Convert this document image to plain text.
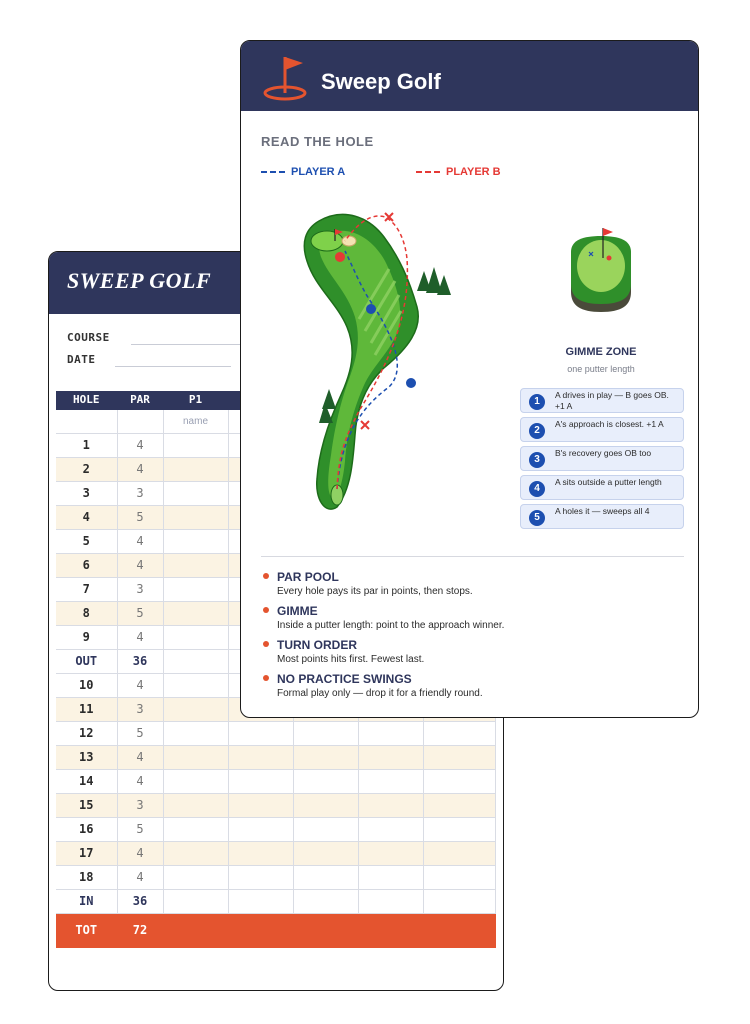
SWEEP GOLF
COURSE
DATE
HOLE	PAR	P1				
		name				
1	4					
2	4					
3	3					
4	5					
5	4					
6	4					
7	3					
8	5					
9	4					
OUT	36					
10	4					
11	3					
12	5					
13	4					
14	4					
15	3					
16	5					
17	4					
18	4					
IN	36					
TOT	72					
Sweep Golf
READ THE HOLE
PLAYER A	PLAYER B
GIMME ZONE
one putter length
1
A drives in play — B goes OB. +1 A
2
A's approach is closest. +1 A
3
B's recovery goes OB too
4
A sits outside a putter length
5
A holes it — sweeps all 4
PAR POOL
Every hole pays its par in points, then stops.
GIMME
Inside a putter length: point to the approach winner.
TURN ORDER
Most points hits first. Fewest last.
NO PRACTICE SWINGS
Formal play only — drop it for a friendly round.
